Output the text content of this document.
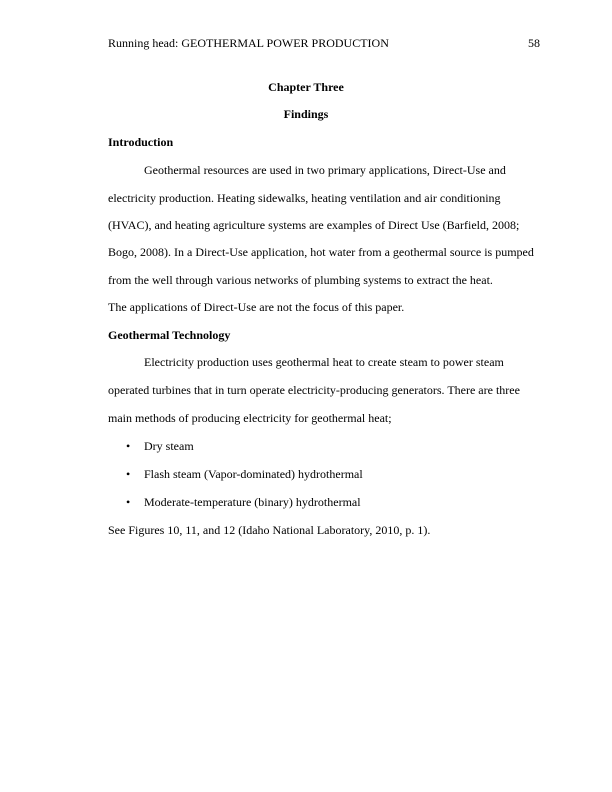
Running head: GEOTHERMAL POWER PRODUCTION	58
Chapter Three
Findings
Introduction
Geothermal resources are used in two primary applications, Direct-Use and
electricity production. Heating sidewalks, heating ventilation and air conditioning
(HVAC), and heating agriculture systems are examples of Direct Use (Barfield, 2008;
Bogo, 2008). In a Direct-Use application, hot water from a geothermal source is pumped
from the well through various networks of plumbing systems to extract the heat.
The applications of Direct-Use are not the focus of this paper.
Geothermal Technology
Electricity production uses geothermal heat to create steam to power steam
operated turbines that in turn operate electricity-producing generators. There are three
main methods of producing electricity for geothermal heat;
• Dry steam
• Flash steam (Vapor-dominated) hydrothermal
• Moderate-temperature (binary) hydrothermal
See Figures 10, 11, and 12 (Idaho National Laboratory, 2010, p. 1).
